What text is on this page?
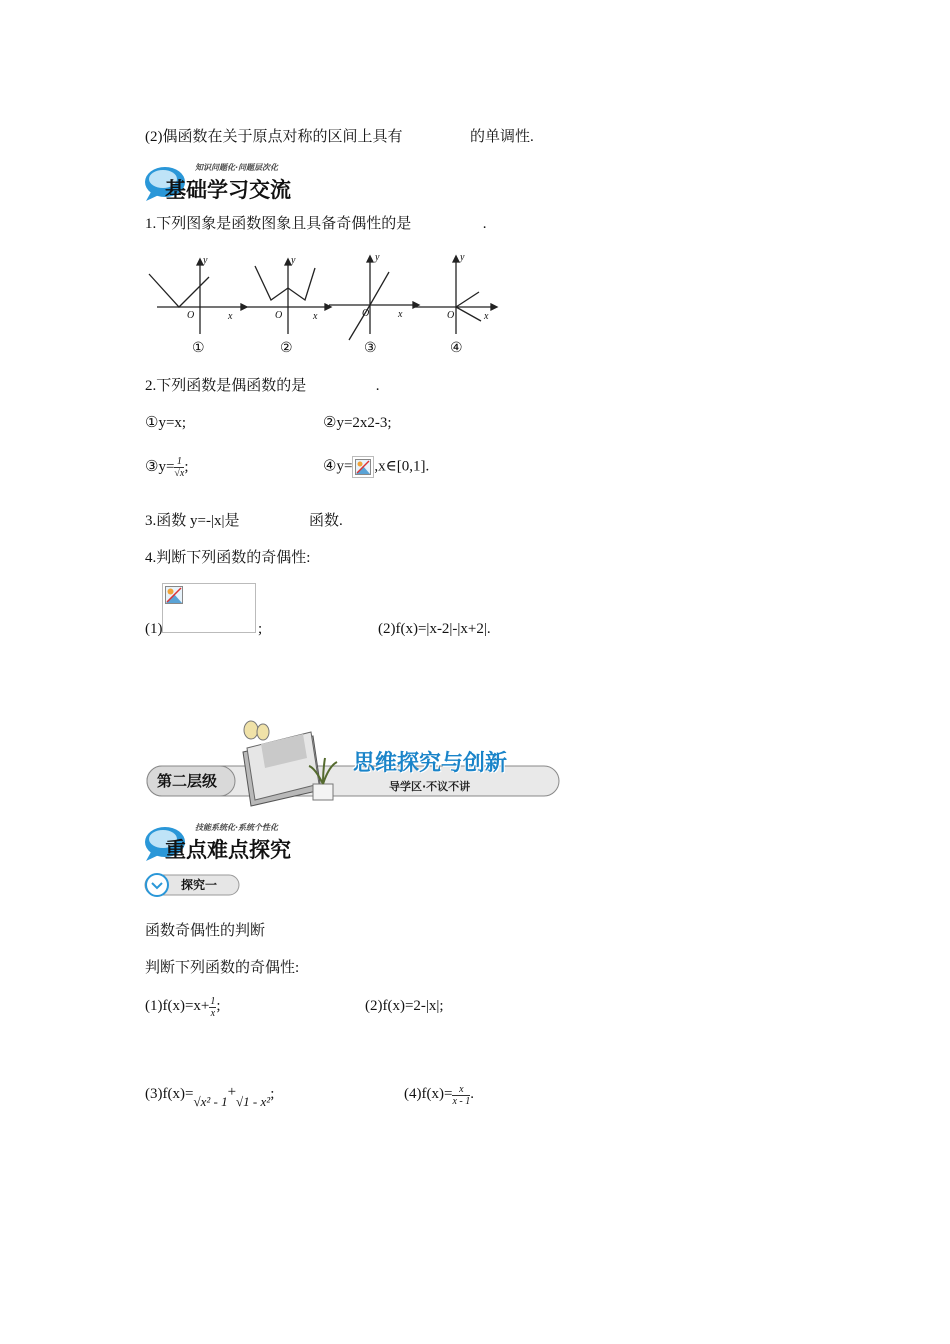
(2)偶函数在关于原点对称的区间上具有	的单调性.
知识问题化·问题层次化
基础学习交流
1.下列图象是函数图象且具备奇偶性的是	.
y
O	x
①
y
O	x
②
y
O	x
③
y
O	x
④
2.下列函数是偶函数的是	.
①y=x;	②y=2x2-3;
③y= $\frac{1}{√x}$ ;	④y= ,x∈[0,1].
3.函数 y=-|x|是	函数.
4.判断下列函数的奇偶性:
(1)	;	(2)f(x)=|x-2|-|x+2|.
第二层级
思维探究与创新
导学区·不议不讲
技能系统化·系统个性化
重点难点探究
探究一
函数奇偶性的判断
判断下列函数的奇偶性:
$(1)f(x)=x+ \frac{1}{x}$ ;	(2)f(x)=2-|x|;
(3)f(x)=√x² - 1+√1 - x²;	$(4)f(x)= \frac{x}{x - 1}$ .
